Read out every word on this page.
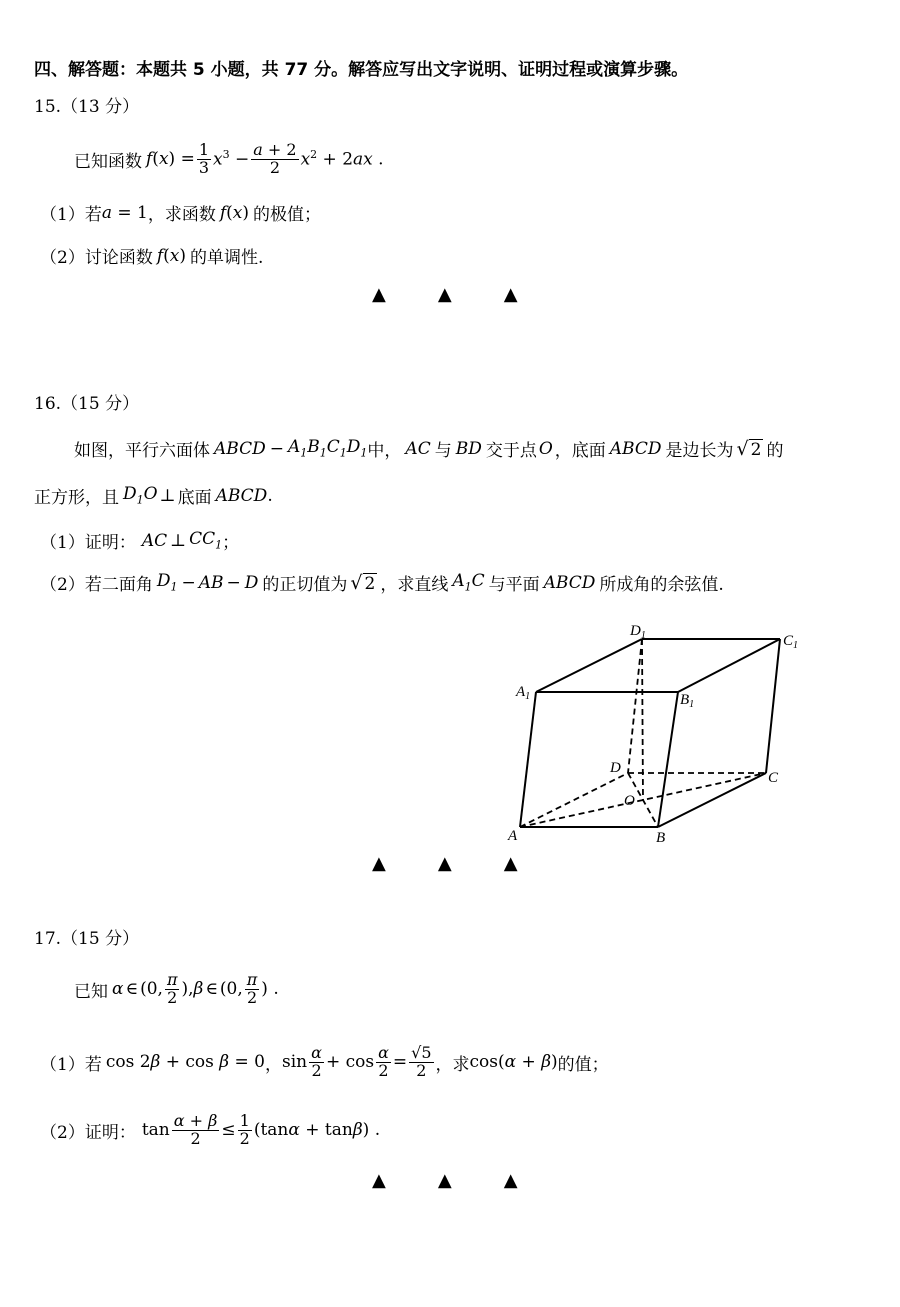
四、解答题：本题共 5 小题，共 77 分。解答应写出文字说明、证明过程或演算步骤。
15.（13 分）
已知函数 $f(x) = \frac{1}{3} x^3 - \frac{a + 2}{2} x^2 + 2ax$ .
（1）若 a = 1 ，求函数 f(x) 的极值；
（2）讨论函数 f(x) 的单调性.
▲	▲	▲
16.（15 分）
如图，平行六面体 ABCD − $A_1B_1C_1D_1$ 中， AC 与 BD 交于点 O ，底面 ABCD 是边长为 √ 2 的
正方形，且 $D_1O$ ⊥ 底面 ABCD .
（1）证明： AC ⊥ $CC_1$ ；
（2）若二面角 $D_1$ − AB − D 的正切值为 √ 2 ，求直线 $A_1C$ 与平面 ABCD 所成角的余弦值.
$D_1$	$C_1$
$A_1$	$B_1$
D
C
O
A	B
▲	▲	▲
17.（15 分）
已知 α ∈ (0, $\frac{\pi}{2}$ ), β ∈ (0, $\frac{\pi}{2}$ ) .
（1）若 cos 2β + cos β = 0 ， $\sin \frac{\alpha}{2} + \cos \frac{\alpha}{2} = \frac{√5}{2}$ ，求 cos(α + β) 的值；
（2）证明： $\tan \frac{\alpha + \beta}{2} \le \frac{1}{2} (\tan\alpha + \tan\beta)$ .
▲	▲	▲
